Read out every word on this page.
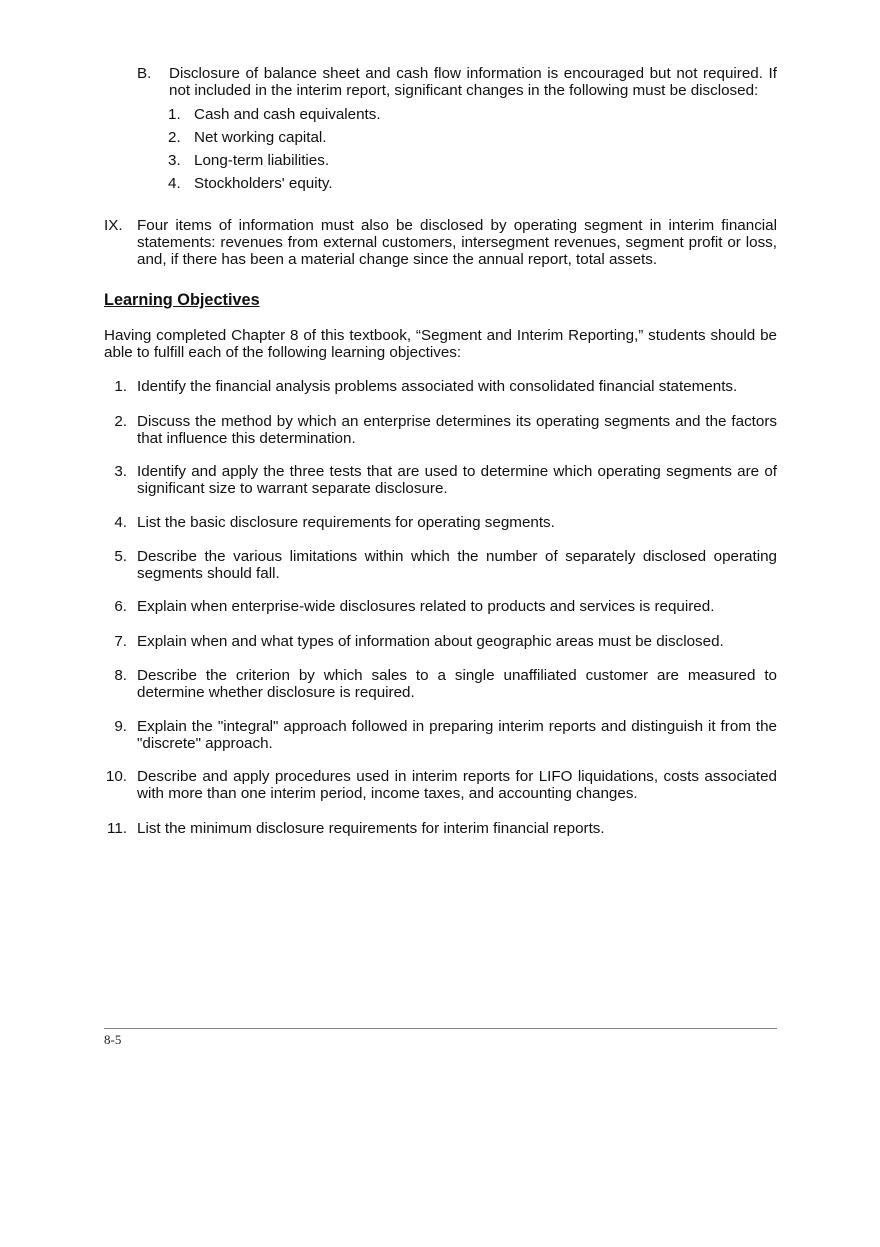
B. Disclosure of balance sheet and cash flow information is encouraged but not required. If not included in the interim report, significant changes in the following must be disclosed:
1. Cash and cash equivalents.
2. Net working capital.
3. Long-term liabilities.
4. Stockholders' equity.
IX. Four items of information must also be disclosed by operating segment in interim financial statements: revenues from external customers, intersegment revenues, segment profit or loss, and, if there has been a material change since the annual report, total assets.
Learning Objectives
Having completed Chapter 8 of this textbook, “Segment and Interim Reporting,” students should be able to fulfill each of the following learning objectives:
1. Identify the financial analysis problems associated with consolidated financial statements.
2. Discuss the method by which an enterprise determines its operating segments and the factors that influence this determination.
3. Identify and apply the three tests that are used to determine which operating segments are of significant size to warrant separate disclosure.
4. List the basic disclosure requirements for operating segments.
5. Describe the various limitations within which the number of separately disclosed operating segments should fall.
6. Explain when enterprise-wide disclosures related to products and services is required.
7. Explain when and what types of information about geographic areas must be disclosed.
8. Describe the criterion by which sales to a single unaffiliated customer are measured to determine whether disclosure is required.
9. Explain the "integral" approach followed in preparing interim reports and distinguish it from the "discrete" approach.
10. Describe and apply procedures used in interim reports for LIFO liquidations, costs associated with more than one interim period, income taxes, and accounting changes.
11. List the minimum disclosure requirements for interim financial reports.
8-5
